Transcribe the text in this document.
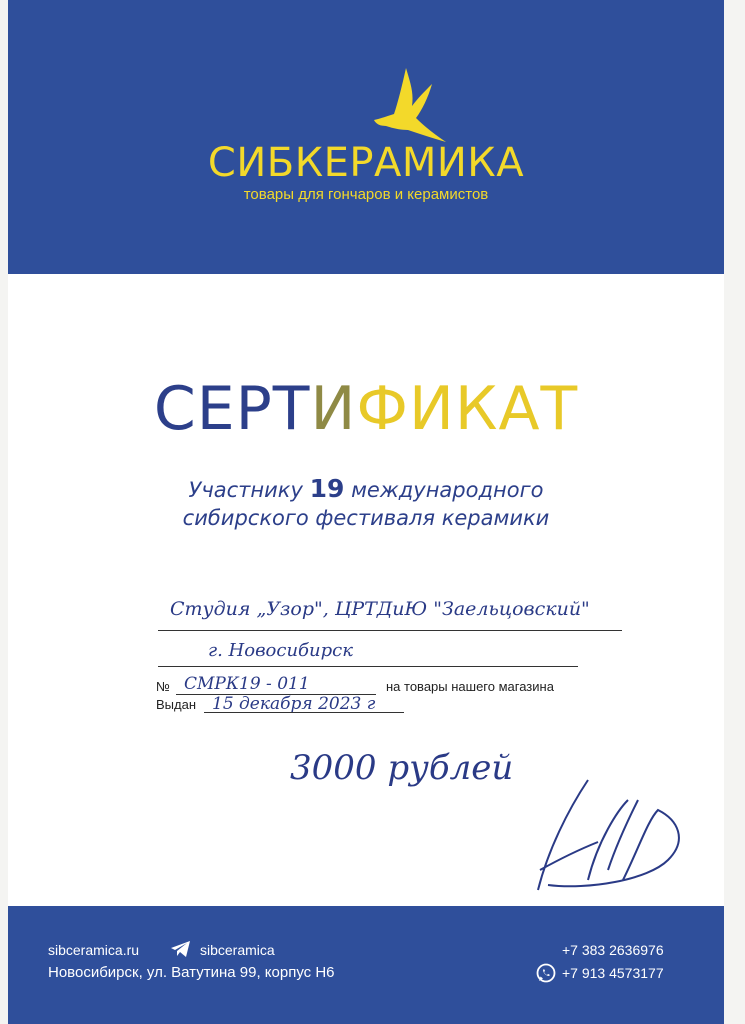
СИБКЕРАМИКА
товары для гончаров и керамистов
СЕРТИФИКАТ
Участнику 19 международного
сибирского фестиваля керамики
Студия „Узор", ЦРТДиЮ "Заельцовский"
г. Новосибирск
№ СМРК19 - 011	на товары нашего магазина
Выдан 15 декабря 2023 г
3000 рублей
sibceramica.ru	sibceramica
Новосибирск, ул. Ватутина 99, корпус Н6
+7 383 2636976
+7 913 4573177
